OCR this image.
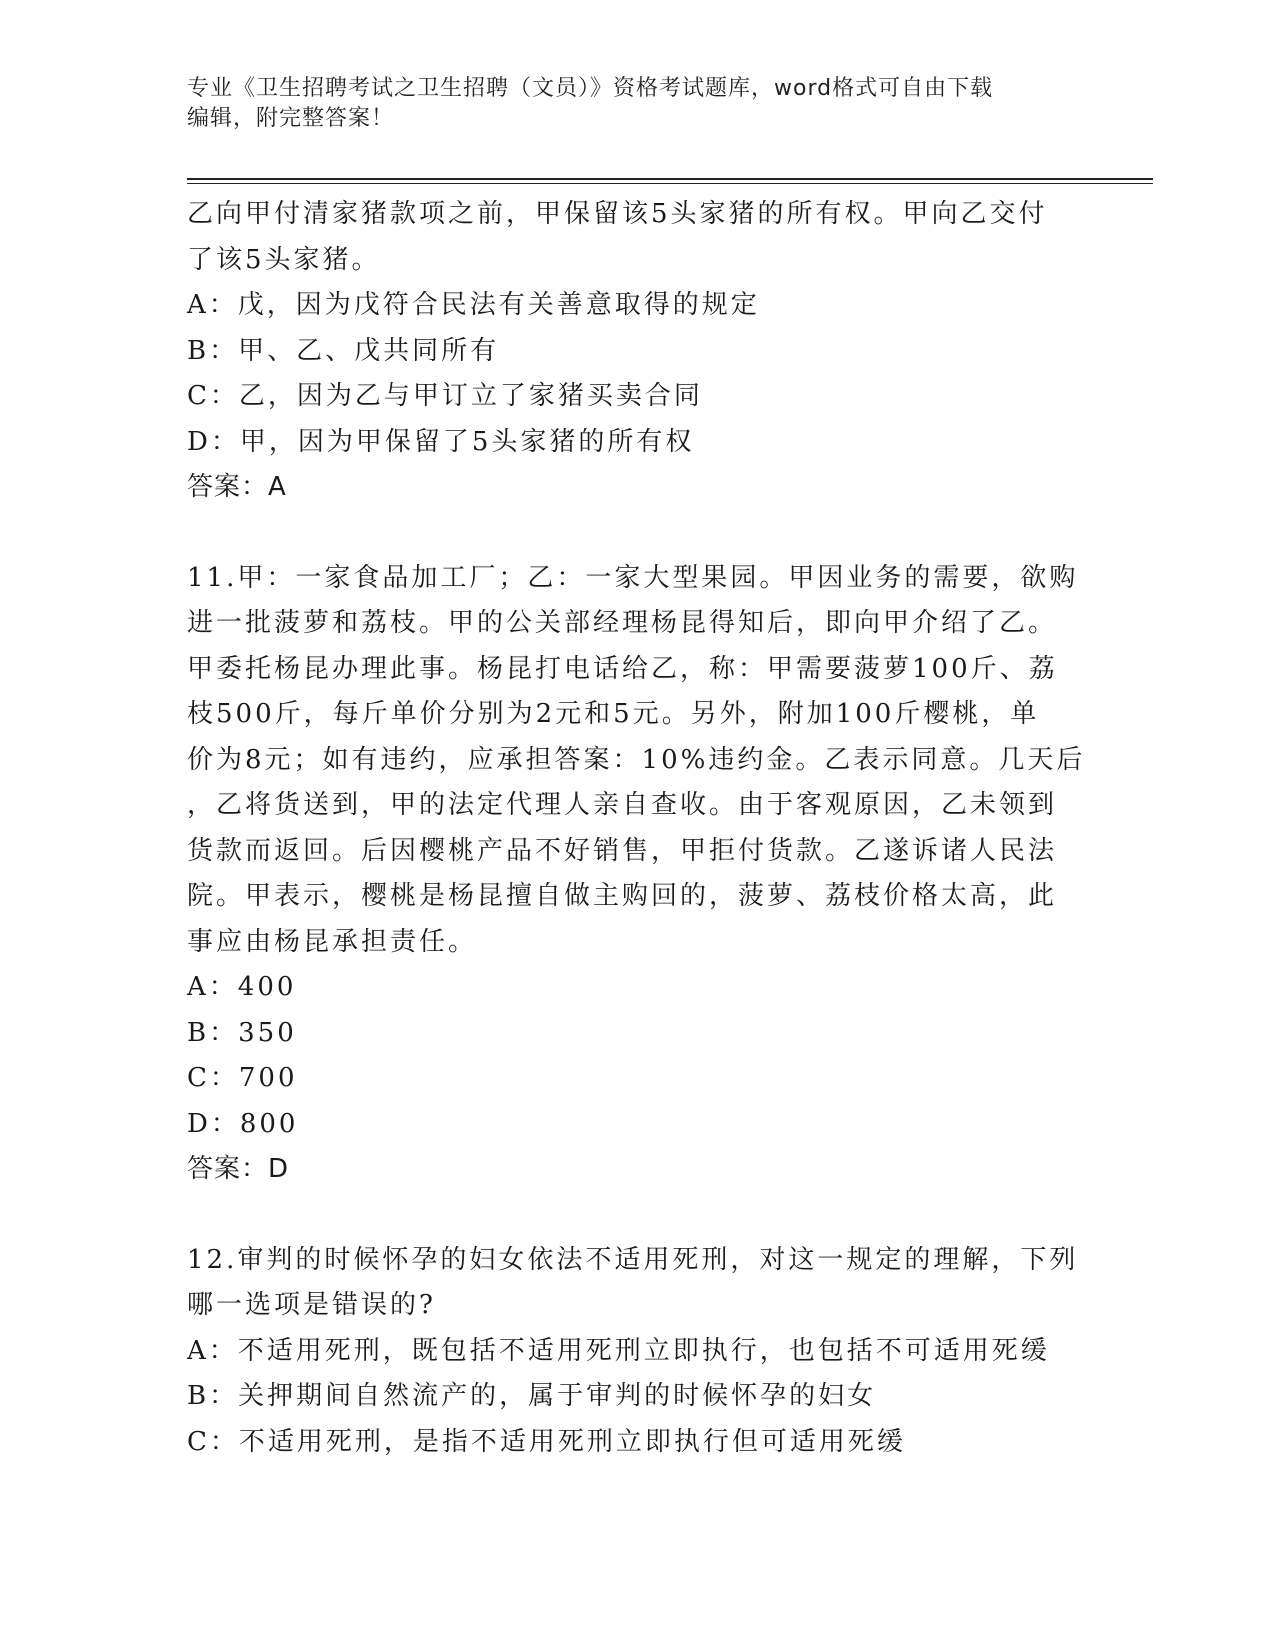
专业《卫生招聘考试之卫生招聘（文员）》资格考试题库，word格式可自由下载
编辑，附完整答案！

乙向甲付清家猪款项之前，甲保留该5头家猪的所有权。甲向乙交付

了该5头家猪。

A：戊，因为戊符合民法有关善意取得的规定

B：甲、乙、戊共同所有

C：乙，因为乙与甲订立了家猪买卖合同

D：甲，因为甲保留了5头家猪的所有权

答案：A

11.甲：一家食品加工厂；乙：一家大型果园。甲因业务的需要，欲购

进一批菠萝和荔枝。甲的公关部经理杨昆得知后，即向甲介绍了乙。

甲委托杨昆办理此事。杨昆打电话给乙，称：甲需要菠萝100斤、荔

枝500斤，每斤单价分别为2元和5元。另外，附加100斤樱桃，单

价为8元；如有违约，应承担答案：10%违约金。乙表示同意。几天后

，乙将货送到，甲的法定代理人亲自查收。由于客观原因，乙未领到

货款而返回。后因樱桃产品不好销售，甲拒付货款。乙遂诉诸人民法

院。甲表示，樱桃是杨昆擅自做主购回的，菠萝、荔枝价格太高，此

事应由杨昆承担责任。

A：400

B：350

C：700

D：800

答案：D

12.审判的时候怀孕的妇女依法不适用死刑，对这一规定的理解，下列

哪一选项是错误的?

A：不适用死刑，既包括不适用死刑立即执行，也包括不可适用死缓

B：关押期间自然流产的，属于审判的时候怀孕的妇女

C：不适用死刑，是指不适用死刑立即执行但可适用死缓
